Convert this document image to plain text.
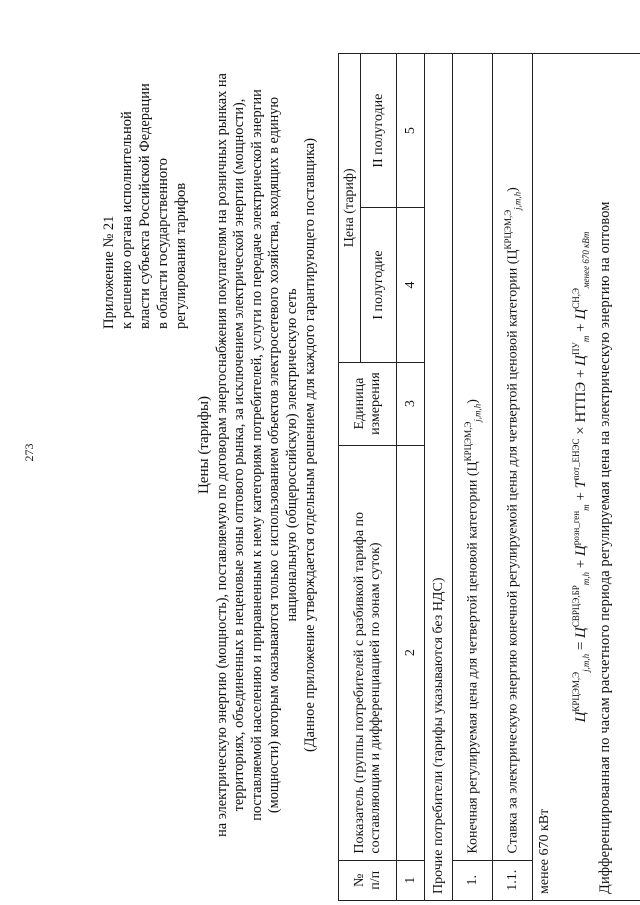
273
Приложение № 21 к решению органа исполнительной власти субъекта Российской Федерации в области государственного регулирования тарифов
Цены (тарифы) на электрическую энергию (мощность), поставляемую по договорам энергоснабжения покупателям на розничных рынках на территориях, объединенных в неценовые зоны оптового рынка, за исключением электрической энергии (мощности), поставляемой населению и приравненным к нему категориям потребителей, услуги по передаче электрической энергии (мощности) которым оказываются только с использованием объектов электросетевого хозяйства, входящих в единую национальную (общероссийскую) электрическую сеть (Данное приложение утверждается отдельным решением для каждого гарантирующего поставщика)
№ п/п	Показатель (группы потребителей с разбивкой тарифа по составляющим и дифференциацией по зонам суток)	Единица измерения	Цена (тариф)	
			I полугодие	II полугодие
1	2	3	4	5
Прочие потребители (тарифы указываются без НДС)				
1.	Конечная регулируемая цена для четвертой ценовой категории $(Ц^{КРЦЭМ,Э}_{j,m,h})$			
1.1.	Ставка за электрическую энергию конечной регулируемой цены для четвертой ценовой категории $(Ц^{КРЦЭМ,Э}_{j,m,h})$			

менее 670 кВт
$Ц^{КРЦЭМ,Э}_{j,m,h} = Ц^{СВРЦЭ,БР}_{m,h} + Ц^{розн\_ген}_m + T^{пот\_ЕНЭС}$ × НТПЭ + $Ц^{ПУ}_m + Ц^{СН,Э}_{менее 670 кВт}$ Дифференцированная по часам расчетного периода регулируемая цена на электрическую энергию на оптовом				
